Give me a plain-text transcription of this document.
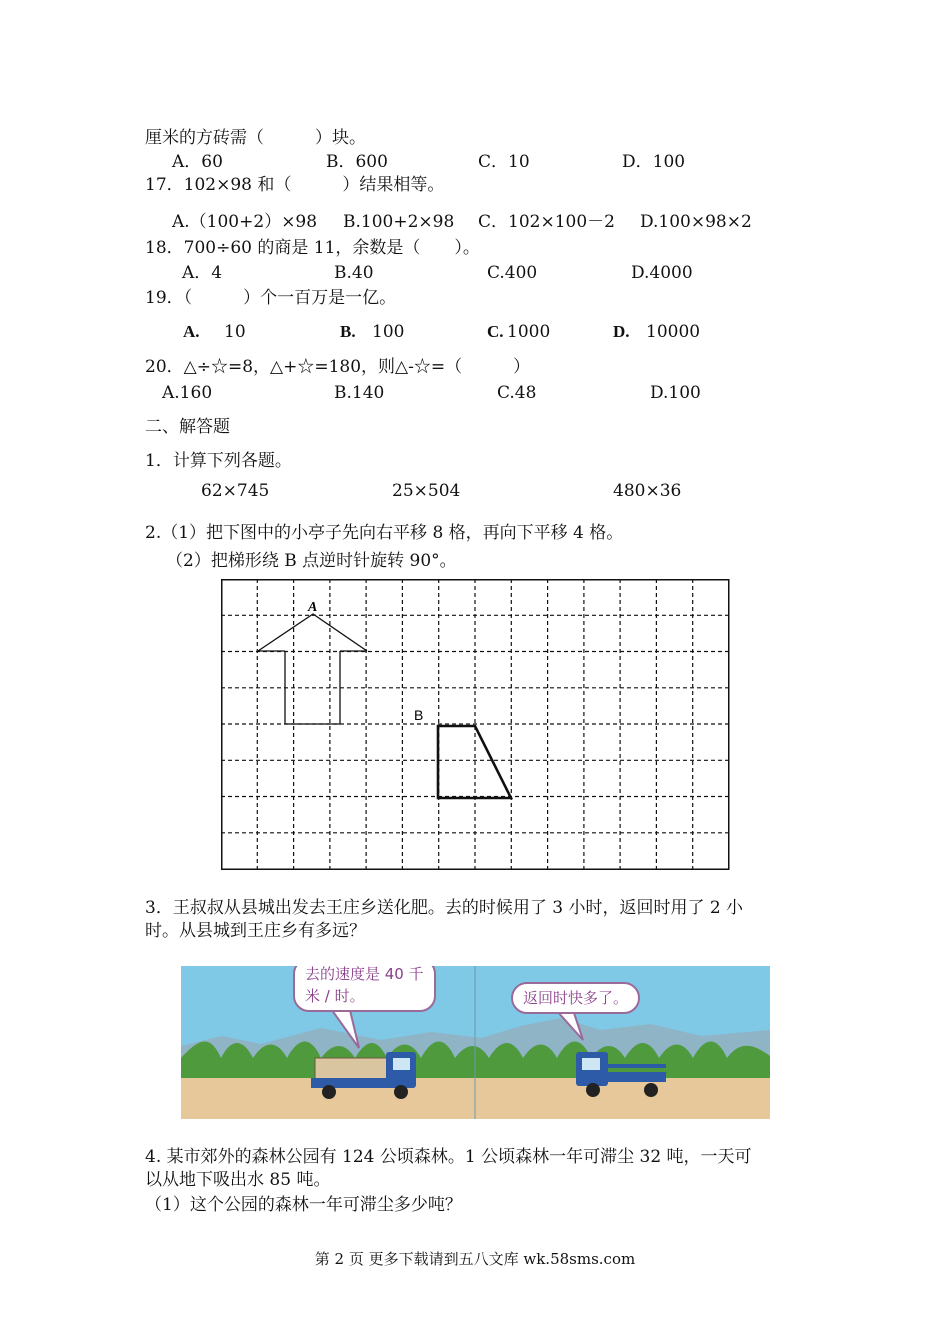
厘米的方砖需（　　　）块。
A．60	B．600	C．10	D．100
17．102×98 和（　　　）结果相等。
A.（100+2）×98 B.100+2×98 C．102×100－2 D.100×98×2
18．700÷60 的商是 11，余数是（　　）。
A．4	B.40	C.400	D.4000
19．（　　　）个一百万是一亿。
A. 10	B. 100	C. 1000	D. 10000
20．△÷☆=8，△+☆=180，则△-☆=（　　　）
A.160	B.140	C.48	D.100
二、解答题
1．计算下列各题。
62×745	25×504	480×36
2.（1）把下图中的小亭子先向右平移 8 格，再向下平移 4 格。
（2）把梯形绕 B 点逆时针旋转 90°。
A
B
3．王叔叔从县城出发去王庄乡送化肥。去的时候用了 3 小时，返回时用了 2 小
时。从县城到王庄乡有多远？
去的速度是 40 千
米 / 时。	返回时快多了。
4. 某市郊外的森林公园有 124 公顷森林。1 公顷森林一年可滞尘 32 吨，一天可
以从地下吸出水 85 吨。
（1）这个公园的森林一年可滞尘多少吨？
第 2 页 更多下载请到五八文库 wk.58sms.com
